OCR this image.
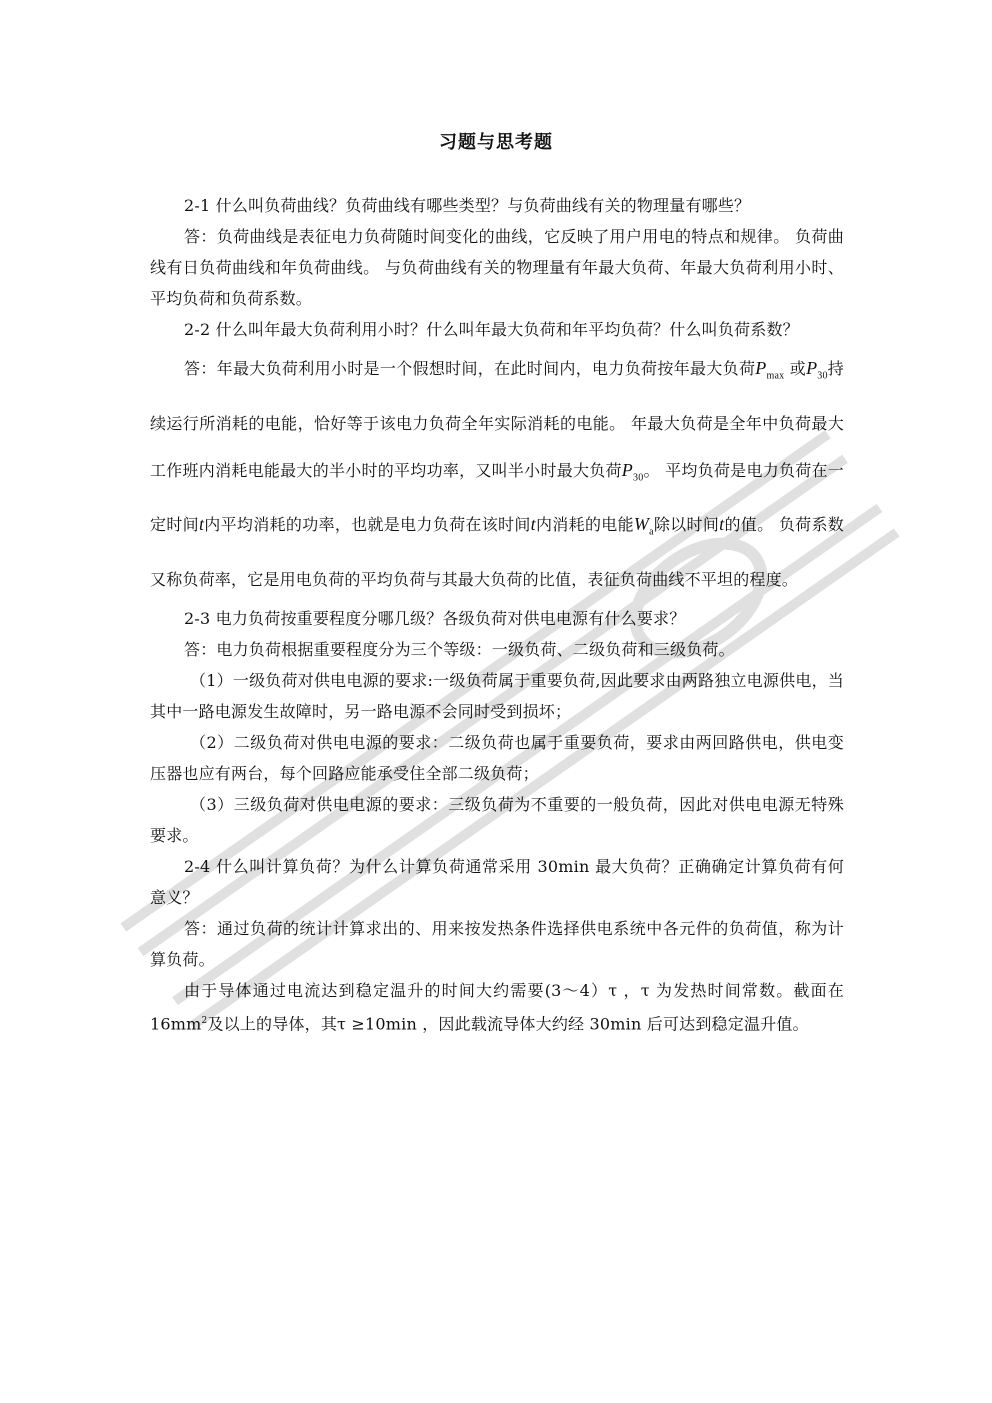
习题与思考题

2-1 什么叫负荷曲线？负荷曲线有哪些类型？与负荷曲线有关的物理量有哪些？

答：负荷曲线是表征电力负荷随时间变化的曲线，它反映了用户用电的特点和规律。 负荷曲线有日负荷曲线和年负荷曲线。 与负荷曲线有关的物理量有年最大负荷、年最大负荷利用小时、平均负荷和负荷系数。

2-2 什么叫年最大负荷利用小时？什么叫年最大负荷和年平均负荷？什么叫负荷系数？

答：年最大负荷利用小时是一个假想时间，在此时间内，电力负荷按年最大负荷$P_{max}$ 或$P_{30}$持续运行所消耗的电能，恰好等于该电力负荷全年实际消耗的电能。 年最大负荷是全年中负荷最大工作班内消耗电能最大的半小时的平均功率，又叫半小时最大负荷$P_{30}$。 平均负荷是电力负荷在一定时间t内平均消耗的功率，也就是电力负荷在该时间t内消耗的电能$W_a$除以时间t的值。 负荷系数又称负荷率，它是用电负荷的平均负荷与其最大负荷的比值，表征负荷曲线不平坦的程度。

2-3 电力负荷按重要程度分哪几级？各级负荷对供电电源有什么要求？

答：电力负荷根据重要程度分为三个等级：一级负荷、二级负荷和三级负荷。

（1）一级负荷对供电电源的要求:一级负荷属于重要负荷,因此要求由两路独立电源供电，当其中一路电源发生故障时，另一路电源不会同时受到损坏；

（2）二级负荷对供电电源的要求：二级负荷也属于重要负荷，要求由两回路供电，供电变压器也应有两台，每个回路应能承受住全部二级负荷；

（3）三级负荷对供电电源的要求：三级负荷为不重要的一般负荷，因此对供电电源无特殊要求。

2-4 什么叫计算负荷？为什么计算负荷通常采用 30min 最大负荷？正确确定计算负荷有何意义？

答：通过负荷的统计计算求出的、用来按发热条件选择供电系统中各元件的负荷值，称为计算负荷。

由于导体通过电流达到稳定温升的时间大约需要(3～4）τ ，τ 为发热时间常数。截面在 $16mm^2$及以上的导体，其τ ≥10min ，因此载流导体大约经 30min 后可达到稳定温升值。
